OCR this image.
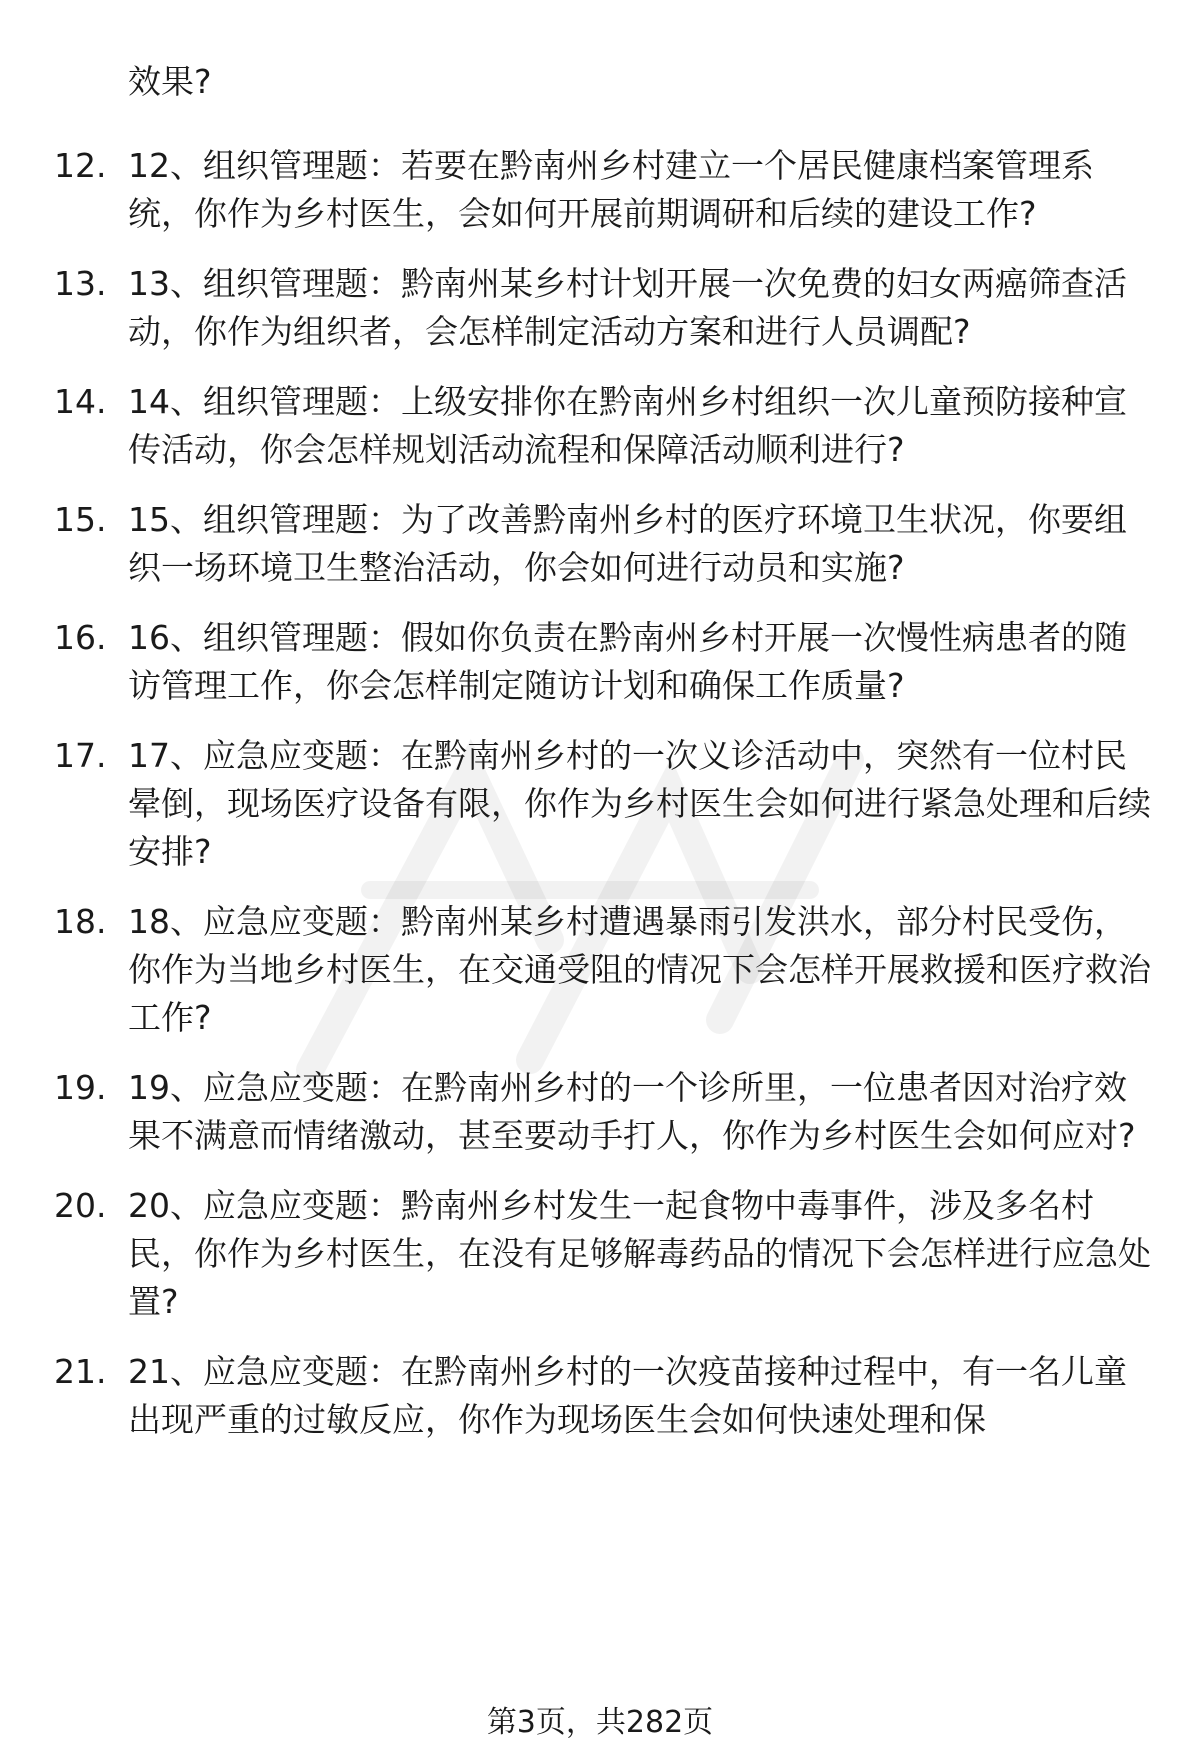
效果?

12. 12、组织管理题：若要在黔南州乡村建立一个居民健康档案管理系统，你作为乡村医生，会如何开展前期调研和后续的建设工作?
13. 13、组织管理题：黔南州某乡村计划开展一次免费的妇女两癌筛查活动，你作为组织者，会怎样制定活动方案和进行人员调配?
14. 14、组织管理题：上级安排你在黔南州乡村组织一次儿童预防接种宣传活动，你会怎样规划活动流程和保障活动顺利进行?
15. 15、组织管理题：为了改善黔南州乡村的医疗环境卫生状况，你要组织一场环境卫生整治活动，你会如何进行动员和实施?
16. 16、组织管理题：假如你负责在黔南州乡村开展一次慢性病患者的随访管理工作，你会怎样制定随访计划和确保工作质量?
17. 17、应急应变题：在黔南州乡村的一次义诊活动中，突然有一位村民晕倒，现场医疗设备有限，你作为乡村医生会如何进行紧急处理和后续安排?
18. 18、应急应变题：黔南州某乡村遭遇暴雨引发洪水，部分村民受伤，你作为当地乡村医生，在交通受阻的情况下会怎样开展救援和医疗救治工作?
19. 19、应急应变题：在黔南州乡村的一个诊所里，一位患者因对治疗效果不满意而情绪激动，甚至要动手打人，你作为乡村医生会如何应对?
20. 20、应急应变题：黔南州乡村发生一起食物中毒事件，涉及多名村民，你作为乡村医生，在没有足够解毒药品的情况下会怎样进行应急处置?
21. 21、应急应变题：在黔南州乡村的一次疫苗接种过程中，有一名儿童出现严重的过敏反应，你作为现场医生会如何快速处理和保
第3页，共282页
